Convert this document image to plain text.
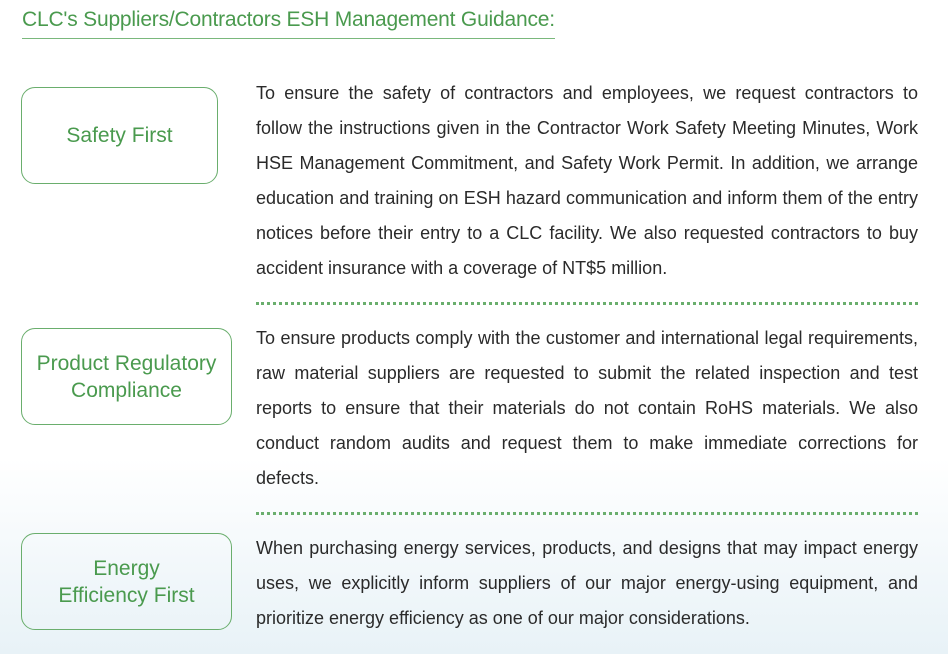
CLC's Suppliers/Contractors ESH Management Guidance:
Safety First

To ensure the safety of contractors and employees, we request contractors to follow the instructions given in the Contractor Work Safety Meeting Minutes, Work HSE Management Commitment, and Safety Work Permit. In addition, we arrange education and training on ESH hazard communication and inform them of the entry notices before their entry to a CLC facility. We also requested contractors to buy accident insurance with a coverage of NT$5 million.

Product Regulatory Compliance

To ensure products comply with the customer and international legal requirements, raw material suppliers are requested to submit the related inspection and test reports to ensure that their materials do not contain RoHS materials. We also conduct random audits and request them to make immediate corrections for defects.

Energy Efficiency First

When purchasing energy services, products, and designs that may impact energy uses, we explicitly inform suppliers of our major energy-using equipment, and prioritize energy efficiency as one of our major considerations.
